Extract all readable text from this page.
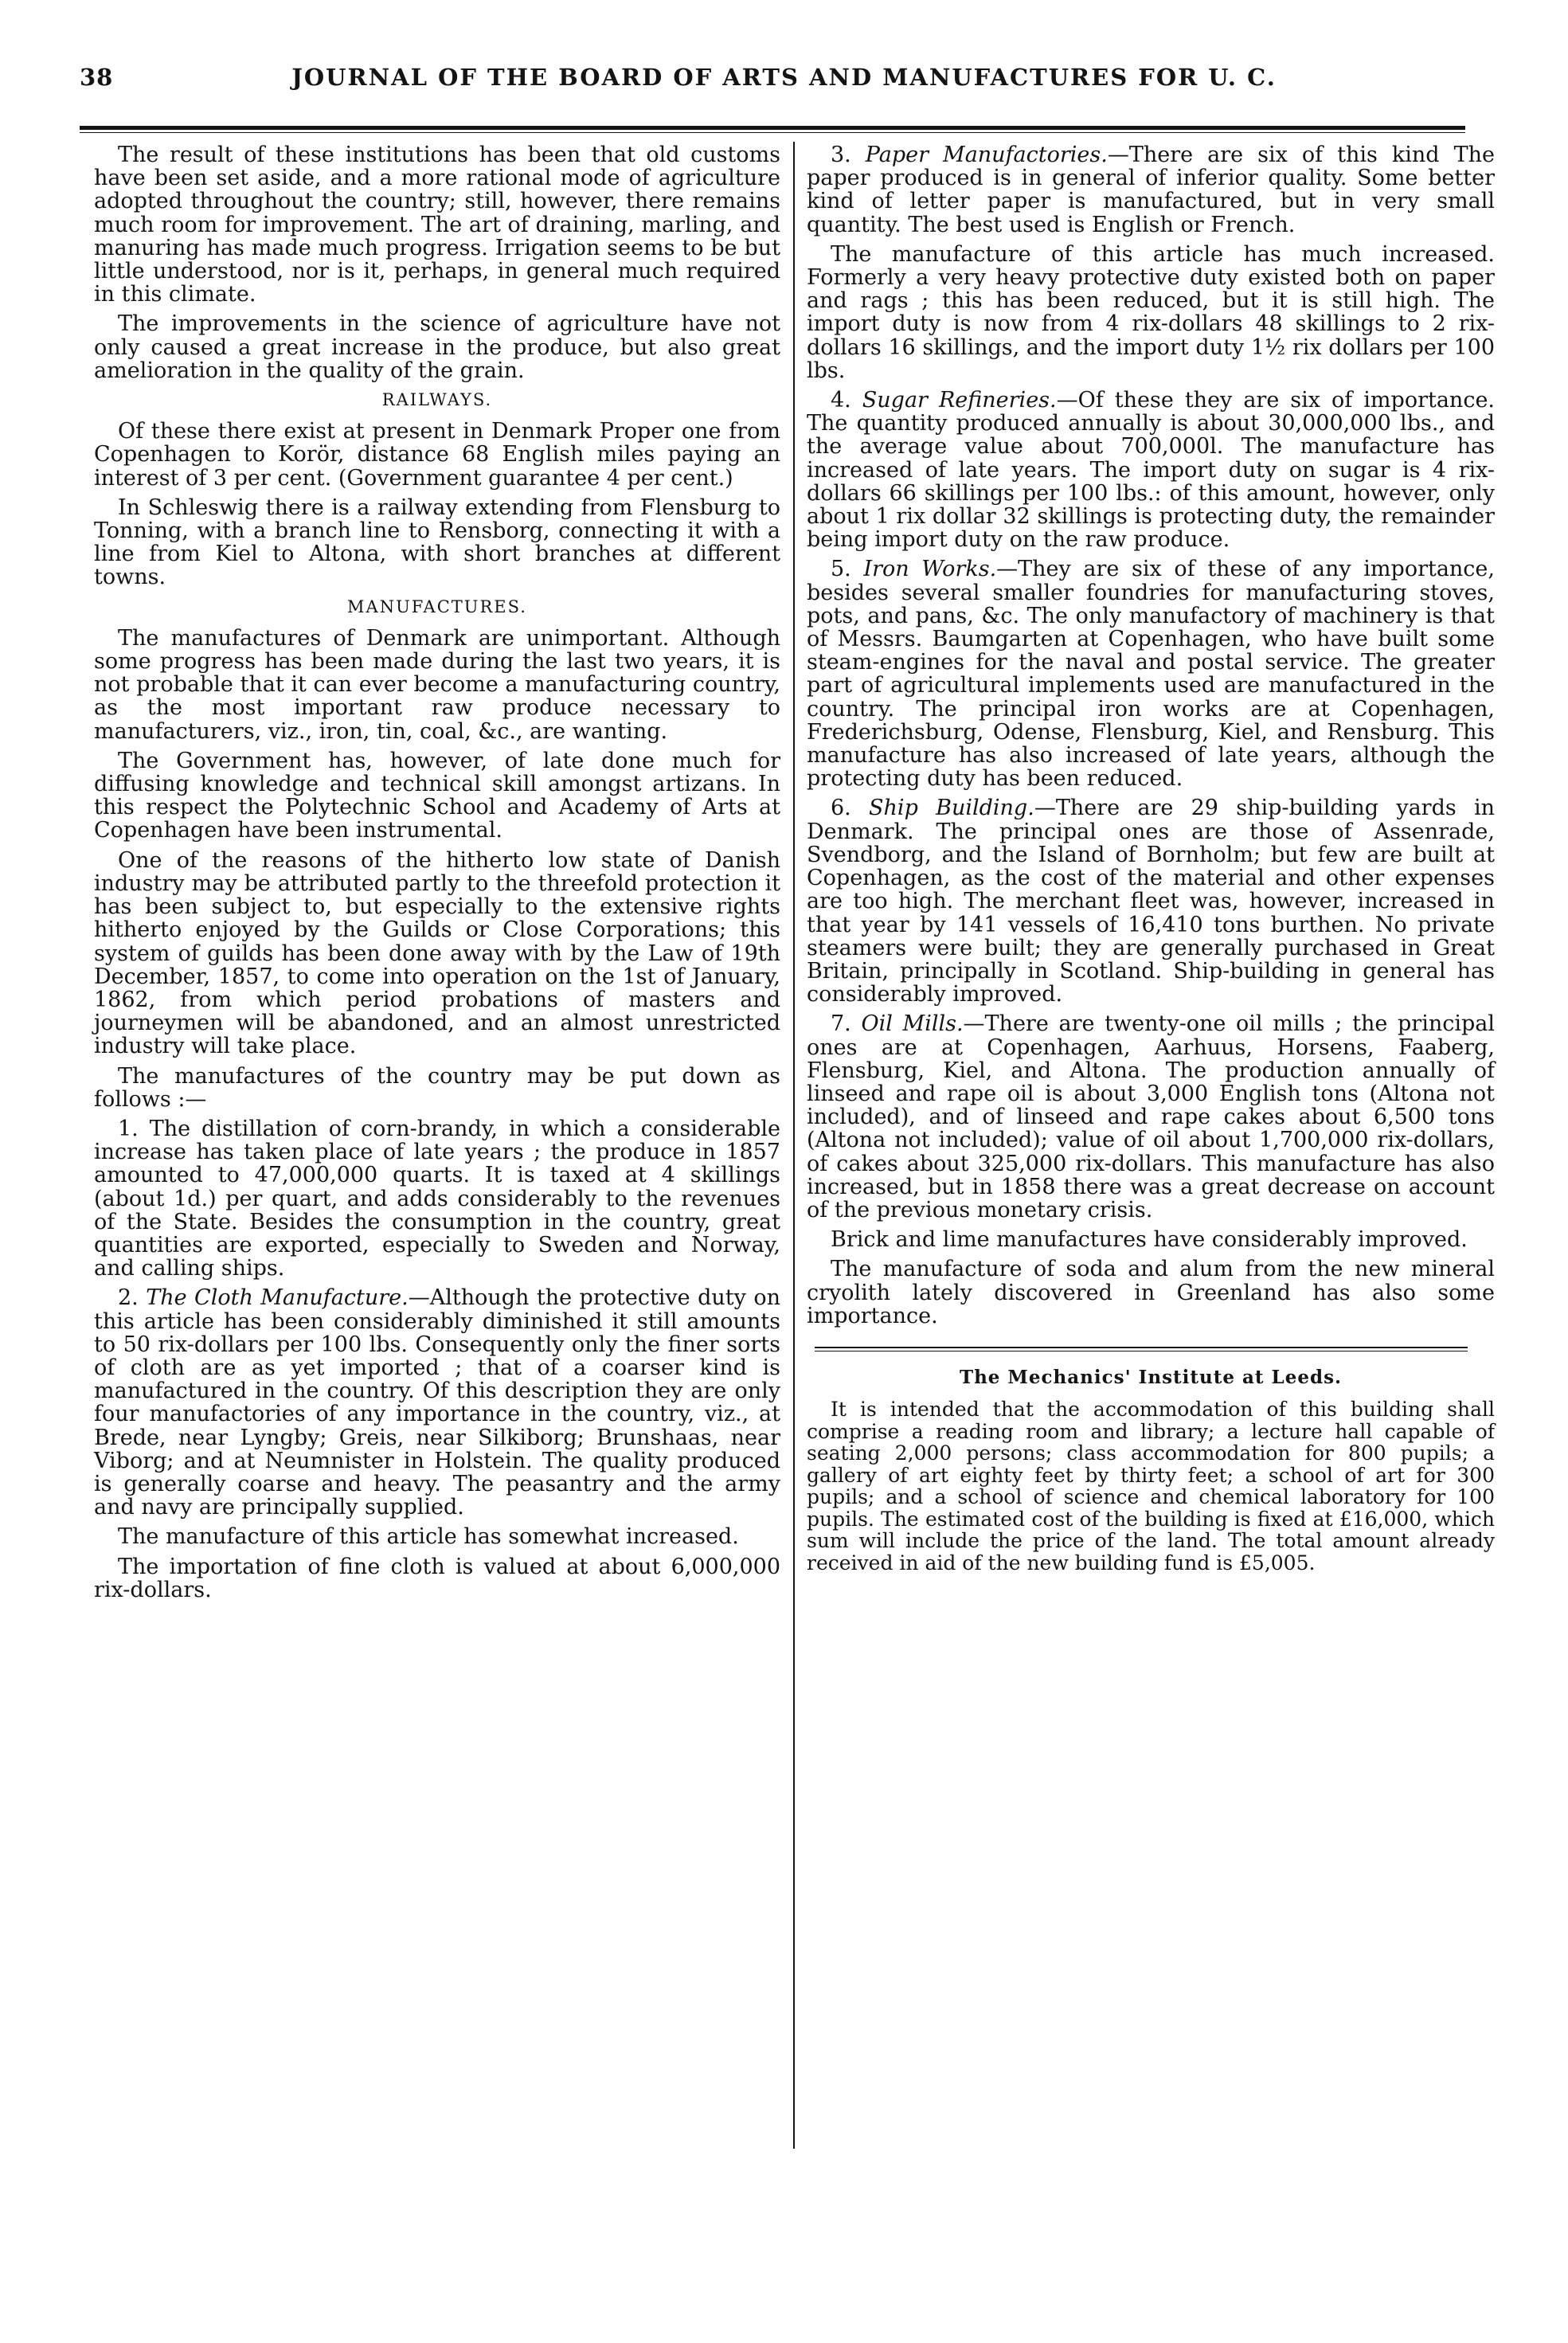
38	JOURNAL OF THE BOARD OF ARTS AND MANUFACTURES FOR U. C.

The result of these institutions has been that old customs have been set aside, and a more rational mode of agriculture adopted throughout the country; still, however, there remains much room for improvement. The art of draining, marling, and manuring has made much progress. Irrigation seems to be but little understood, nor is it, perhaps, in general much required in this climate.

The improvements in the science of agriculture have not only caused a great increase in the produce, but also great amelioration in the quality of the grain.

RAILWAYS.

Of these there exist at present in Denmark Proper one from Copenhagen to Korör, distance 68 English miles paying an interest of 3 per cent. (Government guarantee 4 per cent.)

In Schleswig there is a railway extending from Flensburg to Tonning, with a branch line to Rensborg, connecting it with a line from Kiel to Altona, with short branches at different towns.

MANUFACTURES.

The manufactures of Denmark are unimportant. Although some progress has been made during the last two years, it is not probable that it can ever become a manufacturing country, as the most important raw produce necessary to manufacturers, viz., iron, tin, coal, &c., are wanting.

The Government has, however, of late done much for diffusing knowledge and technical skill amongst artizans. In this respect the Polytechnic School and Academy of Arts at Copenhagen have been instrumental.

One of the reasons of the hitherto low state of Danish industry may be attributed partly to the threefold protection it has been subject to, but especially to the extensive rights hitherto enjoyed by the Guilds or Close Corporations; this system of guilds has been done away with by the Law of 19th December, 1857, to come into operation on the 1st of January, 1862, from which period probations of masters and journeymen will be abandoned, and an almost unrestricted industry will take place.

The manufactures of the country may be put down as follows :—

1. The distillation of corn-brandy, in which a considerable increase has taken place of late years ; the produce in 1857 amounted to 47,000,000 quarts. It is taxed at 4 skillings (about 1d.) per quart, and adds considerably to the revenues of the State. Besides the consumption in the country, great quantities are exported, especially to Sweden and Norway, and calling ships.

2. The Cloth Manufacture.—Although the protective duty on this article has been considerably diminished it still amounts to 50 rix-dollars per 100 lbs. Consequently only the finer sorts of cloth are as yet imported ; that of a coarser kind is manufactured in the country. Of this description they are only four manufactories of any importance in the country, viz., at Brede, near Lyngby; Greis, near Silkiborg; Brunshaas, near Viborg; and at Neumnister in Holstein. The quality produced is generally coarse and heavy. The peasantry and the army and navy are principally supplied.

The manufacture of this article has somewhat increased.

The importation of fine cloth is valued at about 6,000,000 rix-dollars.

3. Paper Manufactories.—There are six of this kind The paper produced is in general of inferior quality. Some better kind of letter paper is manufactured, but in very small quantity. The best used is English or French.

The manufacture of this article has much increased. Formerly a very heavy protective duty existed both on paper and rags ; this has been reduced, but it is still high. The import duty is now from 4 rix-dollars 48 skillings to 2 rix-dollars 16 skillings, and the import duty 1½ rix dollars per 100 lbs.

4. Sugar Refineries.—Of these they are six of importance. The quantity produced annually is about 30,000,000 lbs., and the average value about 700,000l. The manufacture has increased of late years. The import duty on sugar is 4 rix-dollars 66 skillings per 100 lbs.: of this amount, however, only about 1 rix dollar 32 skillings is protecting duty, the remainder being import duty on the raw produce.

5. Iron Works.—They are six of these of any importance, besides several smaller foundries for manufacturing stoves, pots, and pans, &c. The only manufactory of machinery is that of Messrs. Baumgarten at Copenhagen, who have built some steam-engines for the naval and postal service. The greater part of agricultural implements used are manufactured in the country. The principal iron works are at Copenhagen, Frederichsburg, Odense, Flensburg, Kiel, and Rensburg. This manufacture has also increased of late years, although the protecting duty has been reduced.

6. Ship Building.—There are 29 ship-building yards in Denmark. The principal ones are those of Assenrade, Svendborg, and the Island of Bornholm; but few are built at Copenhagen, as the cost of the material and other expenses are too high. The merchant fleet was, however, increased in that year by 141 vessels of 16,410 tons burthen. No private steamers were built; they are generally purchased in Great Britain, principally in Scotland. Ship-building in general has considerably improved.

7. Oil Mills.—There are twenty-one oil mills ; the principal ones are at Copenhagen, Aarhuus, Horsens, Faaberg, Flensburg, Kiel, and Altona. The production annually of linseed and rape oil is about 3,000 English tons (Altona not included), and of linseed and rape cakes about 6,500 tons (Altona not included); value of oil about 1,700,000 rix-dollars, of cakes about 325,000 rix-dollars. This manufacture has also increased, but in 1858 there was a great decrease on account of the previous monetary crisis.

Brick and lime manufactures have considerably improved.

The manufacture of soda and alum from the new mineral cryolith lately discovered in Greenland has also some importance.

The Mechanics' Institute at Leeds.

It is intended that the accommodation of this building shall comprise a reading room and library; a lecture hall capable of seating 2,000 persons; class accommodation for 800 pupils; a gallery of art eighty feet by thirty feet; a school of art for 300 pupils; and a school of science and chemical laboratory for 100 pupils. The estimated cost of the building is fixed at £16,000, which sum will include the price of the land. The total amount already received in aid of the new building fund is £5,005.
